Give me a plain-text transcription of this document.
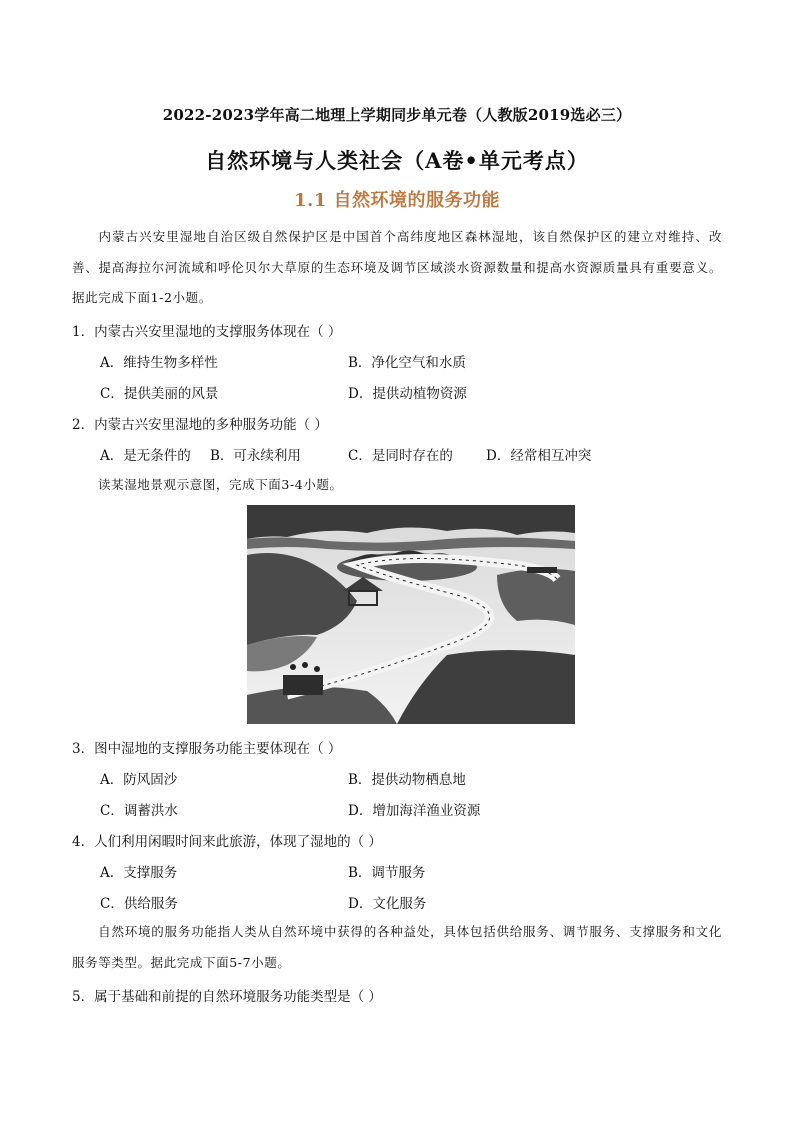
2022-2023学年高二地理上学期同步单元卷（人教版2019选必三）
自然环境与人类社会（A卷•单元考点）
1.1 自然环境的服务功能
内蒙古兴安里湿地自治区级自然保护区是中国首个高纬度地区森林湿地，该自然保护区的建立对维持、改善、提高海拉尔河流域和呼伦贝尔大草原的生态环境及调节区域淡水资源数量和提高水资源质量具有重要意义。据此完成下面1-2小题。
1．内蒙古兴安里湿地的支撑服务体现在（ ）
A．维持生物多样性	B．净化空气和水质
C．提供美丽的风景	D．提供动植物资源
2．内蒙古兴安里湿地的多种服务功能（ ）
A．是无条件的 B．可永续利用	C．是同时存在的 D．经常相互冲突
读某湿地景观示意图，完成下面3-4小题。
3．图中湿地的支撑服务功能主要体现在（ ）
A．防风固沙	B．提供动物栖息地
C．调蓄洪水	D．增加海洋渔业资源
4．人们利用闲暇时间来此旅游，体现了湿地的（ ）
A．支撑服务	B．调节服务
C．供给服务	D．文化服务
自然环境的服务功能指人类从自然环境中获得的各种益处，具体包括供给服务、调节服务、支撑服务和文化服务等类型。据此完成下面5-7小题。
5．属于基础和前提的自然环境服务功能类型是（ ）
